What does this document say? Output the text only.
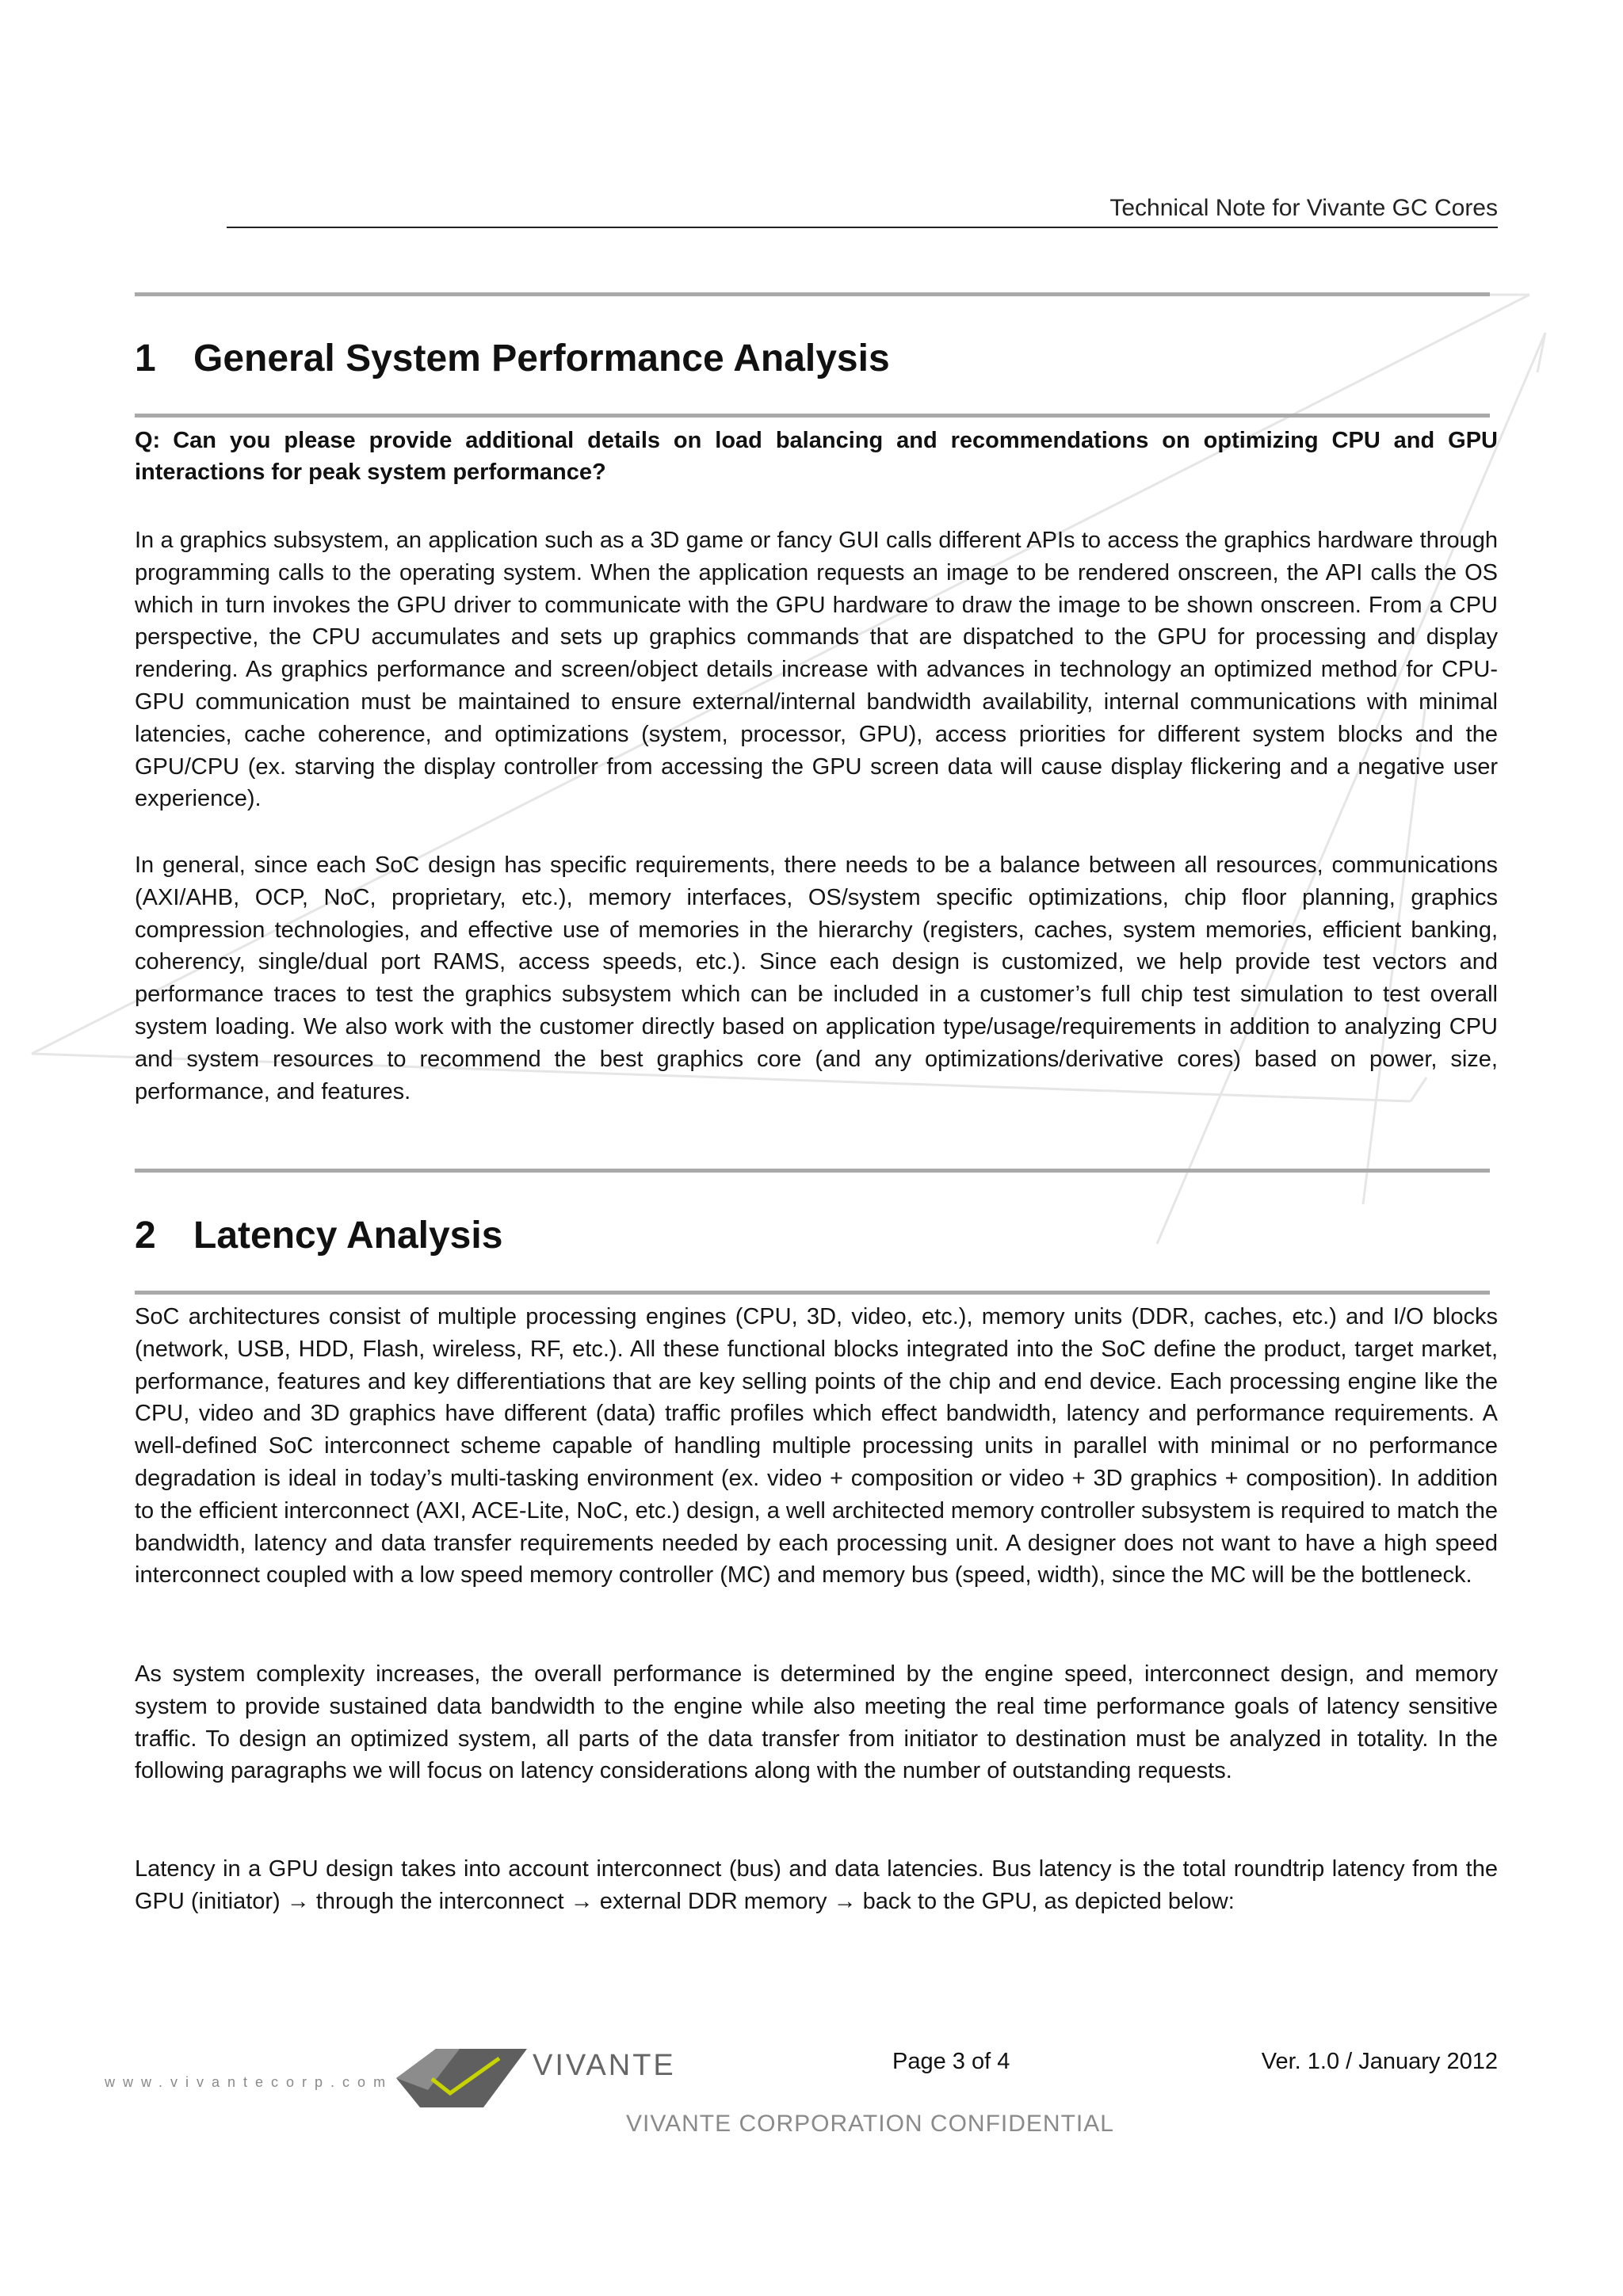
Technical Note for Vivante GC Cores
1 General System Performance Analysis
Q: Can you please provide additional details on load balancing and recommendations on optimizing CPU and GPU interactions for peak system performance?
In a graphics subsystem, an application such as a 3D game or fancy GUI calls different APIs to access the graphics hardware through programming calls to the operating system. When the application requests an image to be rendered onscreen, the API calls the OS which in turn invokes the GPU driver to communicate with the GPU hardware to draw the image to be shown onscreen. From a CPU perspective, the CPU accumulates and sets up graphics commands that are dispatched to the GPU for processing and display rendering. As graphics performance and screen/object details increase with advances in technology an optimized method for CPU-GPU communication must be maintained to ensure external/internal bandwidth availability, internal communications with minimal latencies, cache coherence, and optimizations (system, processor, GPU), access priorities for different system blocks and the GPU/CPU (ex. starving the display controller from accessing the GPU screen data will cause display flickering and a negative user experience).
In general, since each SoC design has specific requirements, there needs to be a balance between all resources, communications (AXI/AHB, OCP, NoC, proprietary, etc.), memory interfaces, OS/system specific optimizations, chip floor planning, graphics compression technologies, and effective use of memories in the hierarchy (registers, caches, system memories, efficient banking, coherency, single/dual port RAMS, access speeds, etc.). Since each design is customized, we help provide test vectors and performance traces to test the graphics subsystem which can be included in a customer’s full chip test simulation to test overall system loading. We also work with the customer directly based on application type/usage/requirements in addition to analyzing CPU and system resources to recommend the best graphics core (and any optimizations/derivative cores) based on power, size, performance, and features.
2 Latency Analysis
SoC architectures consist of multiple processing engines (CPU, 3D, video, etc.), memory units (DDR, caches, etc.) and I/O blocks (network, USB, HDD, Flash, wireless, RF, etc.). All these functional blocks integrated into the SoC define the product, target market, performance, features and key differentiations that are key selling points of the chip and end device. Each processing engine like the CPU, video and 3D graphics have different (data) traffic profiles which effect bandwidth, latency and performance requirements. A well-defined SoC interconnect scheme capable of handling multiple processing units in parallel with minimal or no performance degradation is ideal in today’s multi-tasking environment (ex. video + composition or video + 3D graphics + composition). In addition to the efficient interconnect (AXI, ACE-Lite, NoC, etc.) design, a well architected memory controller subsystem is required to match the bandwidth, latency and data transfer requirements needed by each processing unit. A designer does not want to have a high speed interconnect coupled with a low speed memory controller (MC) and memory bus (speed, width), since the MC will be the bottleneck.
As system complexity increases, the overall performance is determined by the engine speed, interconnect design, and memory system to provide sustained data bandwidth to the engine while also meeting the real time performance goals of latency sensitive traffic. To design an optimized system, all parts of the data transfer from initiator to destination must be analyzed in totality. In the following paragraphs we will focus on latency considerations along with the number of outstanding requests.
Latency in a GPU design takes into account interconnect (bus) and data latencies. Bus latency is the total roundtrip latency from the GPU (initiator) → through the interconnect → external DDR memory → back to the GPU, as depicted below:
www.vivantecorp.com	VIVANTE	Page 3 of 4	Ver. 1.0 / January 2012
VIVANTE CORPORATION CONFIDENTIAL
